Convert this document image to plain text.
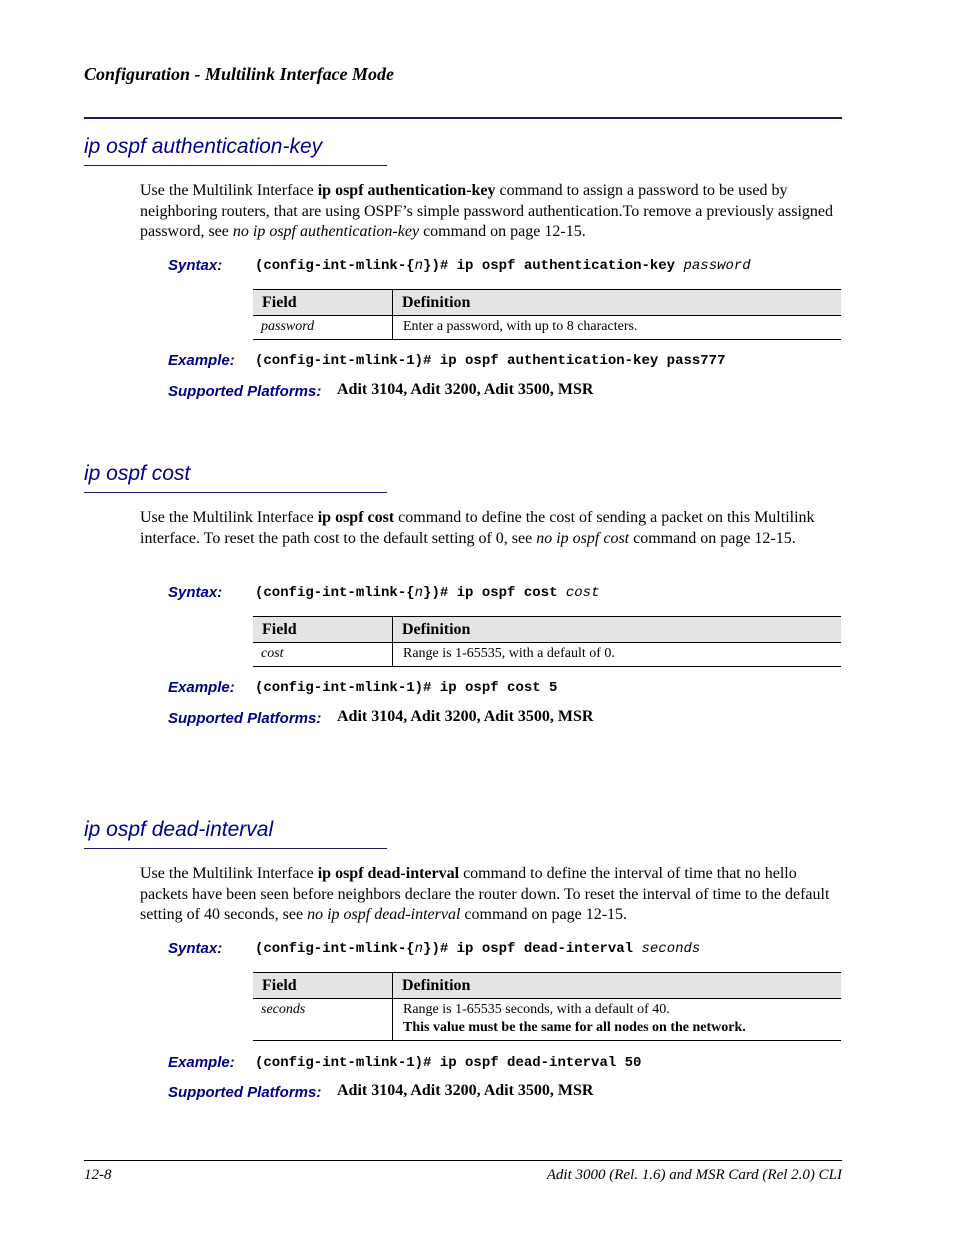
Configuration - Multilink Interface Mode
ip ospf authentication-key
Use the Multilink Interface ip ospf authentication-key command to assign a password to be used by neighboring routers, that are using OSPF’s simple password authentication.To remove a previously assigned password, see no ip ospf authentication-key command on page 12-15.
Syntax: (config-int-mlink-{n})# ip ospf authentication-key password
Field	Definition
password	Enter a password, with up to 8 characters.
Example: (config-int-mlink-1)# ip ospf authentication-key pass777
Supported Platforms: Adit 3104, Adit 3200, Adit 3500, MSR
ip ospf cost
Use the Multilink Interface ip ospf cost command to define the cost of sending a packet on this Multilink interface. To reset the path cost to the default setting of 0, see no ip ospf cost command on page 12-15.
Syntax: (config-int-mlink-{n})# ip ospf cost cost
Field	Definition
cost	Range is 1-65535, with a default of 0.
Example: (config-int-mlink-1)# ip ospf cost 5
Supported Platforms: Adit 3104, Adit 3200, Adit 3500, MSR
ip ospf dead-interval
Use the Multilink Interface ip ospf dead-interval command to define the interval of time that no hello packets have been seen before neighbors declare the router down. To reset the interval of time to the default setting of 40 seconds, see no ip ospf dead-interval command on page 12-15.
Syntax: (config-int-mlink-{n})# ip ospf dead-interval seconds
Field	Definition
seconds	Range is 1-65535 seconds, with a default of 40.
This value must be the same for all nodes on the network.
Example: (config-int-mlink-1)# ip ospf dead-interval 50
Supported Platforms: Adit 3104, Adit 3200, Adit 3500, MSR
12-8	Adit 3000 (Rel. 1.6) and MSR Card (Rel 2.0) CLI
